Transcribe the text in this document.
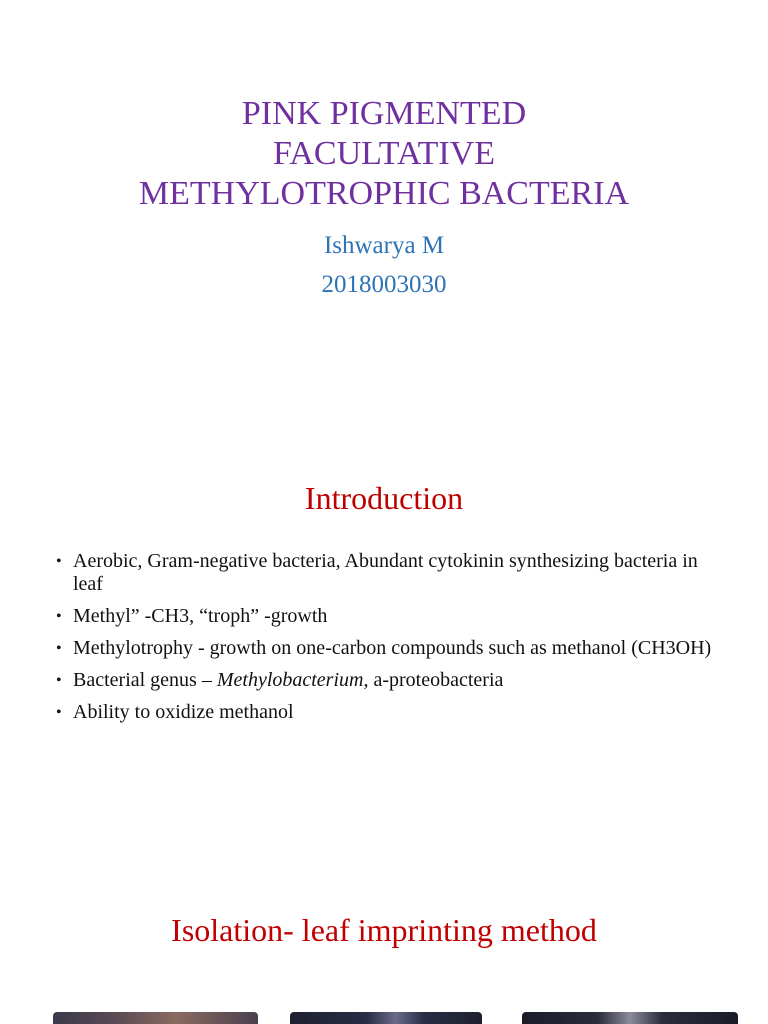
PINK PIGMENTED
FACULTATIVE
METHYLOTROPHIC BACTERIA
Ishwarya M
2018003030
Introduction
• Aerobic, Gram-negative bacteria, Abundant cytokinin synthesizing bacteria in leaf
• Methyl” -CH3, “troph” -growth
• Methylotrophy - growth on one-carbon compounds such as methanol (CH3OH)
• Bacterial genus – Methylobacterium, a-proteobacteria
• Ability to oxidize methanol
Isolation- leaf imprinting method
